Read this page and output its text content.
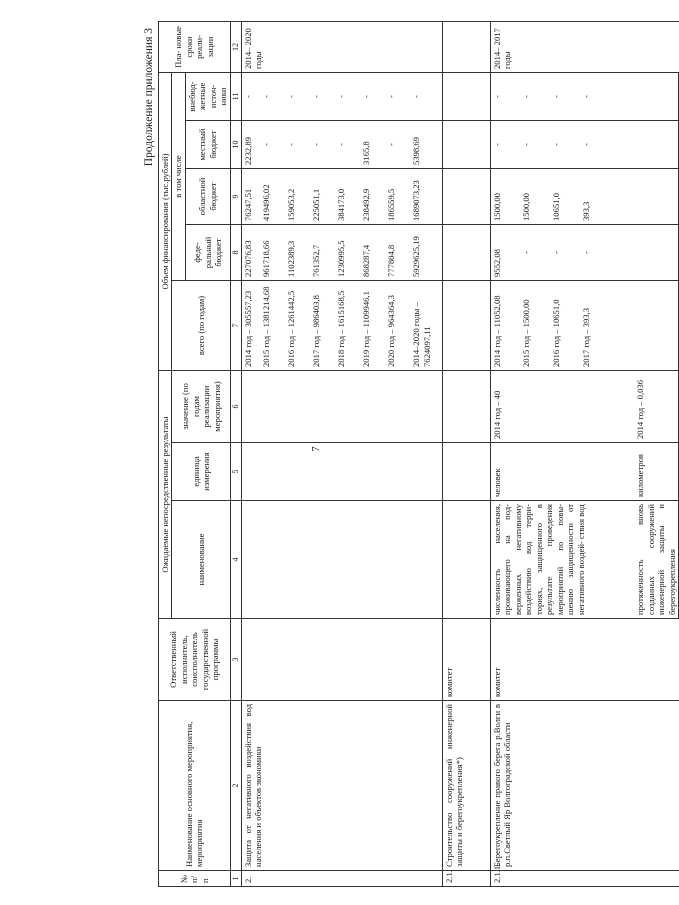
7
Продолжение приложения 3
№ п/п	Наименование основного мероприятия, мероприятия	Ответственный исполнитель, соисполнитель государственной программы	Ожидаемые непосредственные результаты			Объем финансирования (тыс.рублей)					Пла- новые сроки реали- зации
			наименование	единица измерения	значение (по годам реализации мероприятия)	всего (по годам)	в том числе				
							феде- ральный бюджет	областной бюджет	местный бюджет	внебюд- жетные источ- ники	
1	2	3	4	5	6	7	8	9	10	11	12
2.	Защита от негативного воздействия вод населения и объектов экономики					2014 год – 305557,23	227076,83	76247,51	2232,89	-	2014– 2020 годы
						2015 год – 1381214,68	961718,66	419496,02	-	-	
						2016 год – 1261442,5	1102389,3	159053,2	-	-	
						2017 год – 986403,8	761352,7	225051,1	-	-	
						2018 год – 1615168,5	1230995,5	384173,0	-	-	
						2019 год – 1109946,1	868287,4	238492,9	3165,8	-	
						2020 год – 964364,3	777804,8	186559,5	-	-	
						2014–2020 годы – 7624097,11	5929625,19	1689073,23	5398,69	-	
2.1.	Строительство сооружений инженерной защиты и берегоукрепления*)	комитет									
2.1.1.	Берегоукрепление правого берега р.Волги в р.п.Светлый Яр Волгоградской области	комитет	численность населения, проживающего на под- верженных негативному воздействию вод терри- ториях, защищенного в результате проведения мероприятий по повы- шению защищенности от негативного воздей- ствия вод	человек	2014 год – 40	2014 год – 11052,08	9552,08	1500,00	-	-	2014– 2017 годы
						2015 год – 1500,00	-	1500,00	-	-	
						2016 год – 10651,0	-	10651,0	-	-	
						2017 год – 393,3	-	393,3	-	-	
			протяженность вновь созданных сооружений инженерной защиты и берегоукрепления	километров	2014 год – 0,036						
